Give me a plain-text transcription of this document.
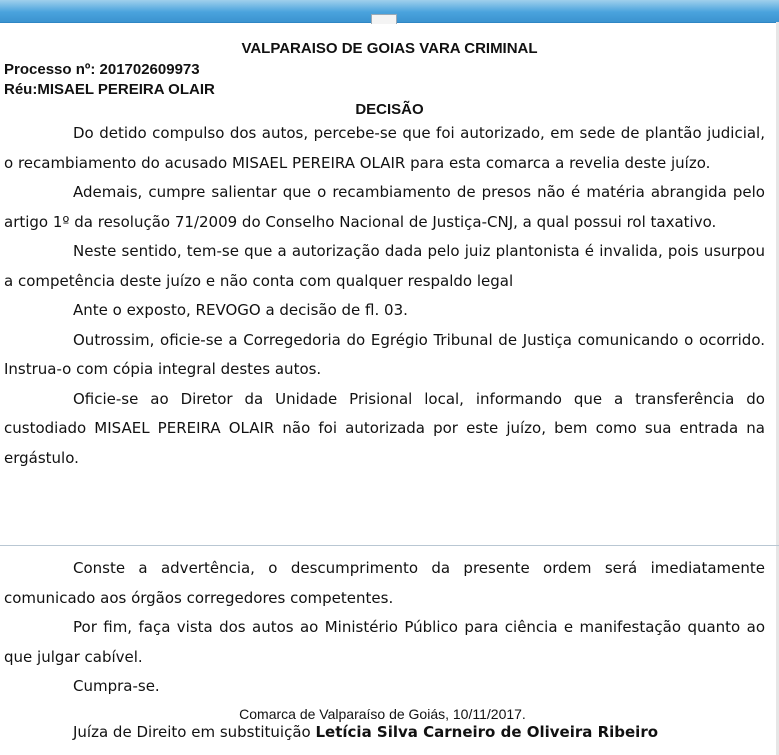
VALPARAISO DE GOIAS VARA CRIMINAL
Processo nº: 201702609973
Réu:MISAEL PEREIRA OLAIR
DECISÃO

Do detido compulso dos autos, percebe-se que foi autorizado, em sede de plantão judicial, o recambiamento do acusado MISAEL PEREIRA OLAIR para esta comarca a revelia deste juízo.

Ademais, cumpre salientar que o recambiamento de presos não é matéria abrangida pelo artigo 1º da resolução 71/2009 do Conselho Nacional de Justiça-CNJ, a qual possui rol taxativo.

Neste sentido, tem-se que a autorização dada pelo juiz plantonista é invalida, pois usurpou a competência deste juízo e não conta com qualquer respaldo legal

Ante o exposto, REVOGO a decisão de fl. 03.

Outrossim, oficie-se a Corregedoria do Egrégio Tribunal de Justiça comunicando o ocorrido. Instrua-o com cópia integral destes autos.

Oficie-se ao Diretor da Unidade Prisional local, informando que a transferência do custodiado MISAEL PEREIRA OLAIR não foi autorizada por este juízo, bem como sua entrada na ergástulo.

Conste a advertência, o descumprimento da presente ordem será imediatamente comunicado aos órgãos corregedores competentes.

Por fim, faça vista dos autos ao Ministério Público para ciência e manifestação quanto ao que julgar cabível.

Cumpra-se.

Comarca de Valparaíso de Goiás, 10/11/2017.
Juíza de Direito em substituição Letícia Silva Carneiro de Oliveira Ribeiro
